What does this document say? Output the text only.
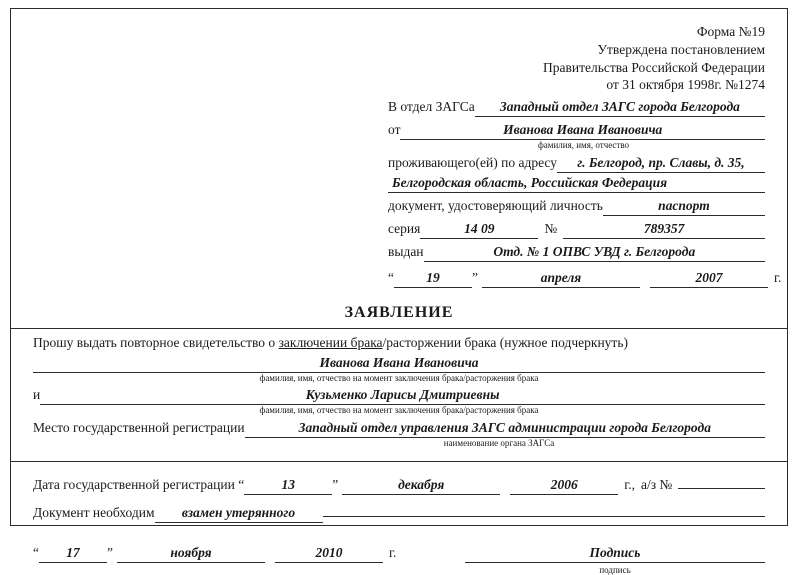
Форма №19
Утверждена постановлением
Правительства Российской Федерации
от 31 октября 1998г. №1274
В отдел ЗАГСа	Западный отдел ЗАГС города Белгорода
от	Иванова Ивана Ивановича
фамилия, имя, отчество
проживающего(ей) по адресу	г. Белгород, пр. Славы, д. 35,
Белгородская область, Российская Федерация
документ, удостоверяющий личность	паспорт
серия	14 09	№	789357
выдан	Отд. № 1 ОПВС УВД г. Белгорода
“	19	”	апреля	2007	г.
ЗАЯВЛЕНИЕ
Прошу выдать повторное свидетельство о заключении брака/расторжении брака (нужное подчеркнуть)
Иванова Ивана Ивановича
фамилия, имя, отчество на момент заключения брака/расторжения брака
и	Кузьменко Ларисы Дмитриевны
фамилия, имя, отчество на момент заключения брака/расторжения брака
Место государственной регистрации	Западный отдел управления ЗАГС администрации города Белгорода
наименование органа ЗАГСа
Дата государственной регистрации “	13	”	декабря	2006	г., а/з №
Документ необходим	взамен утерянного
“	17	”	ноября	2010	г.	Подпись
подпись
